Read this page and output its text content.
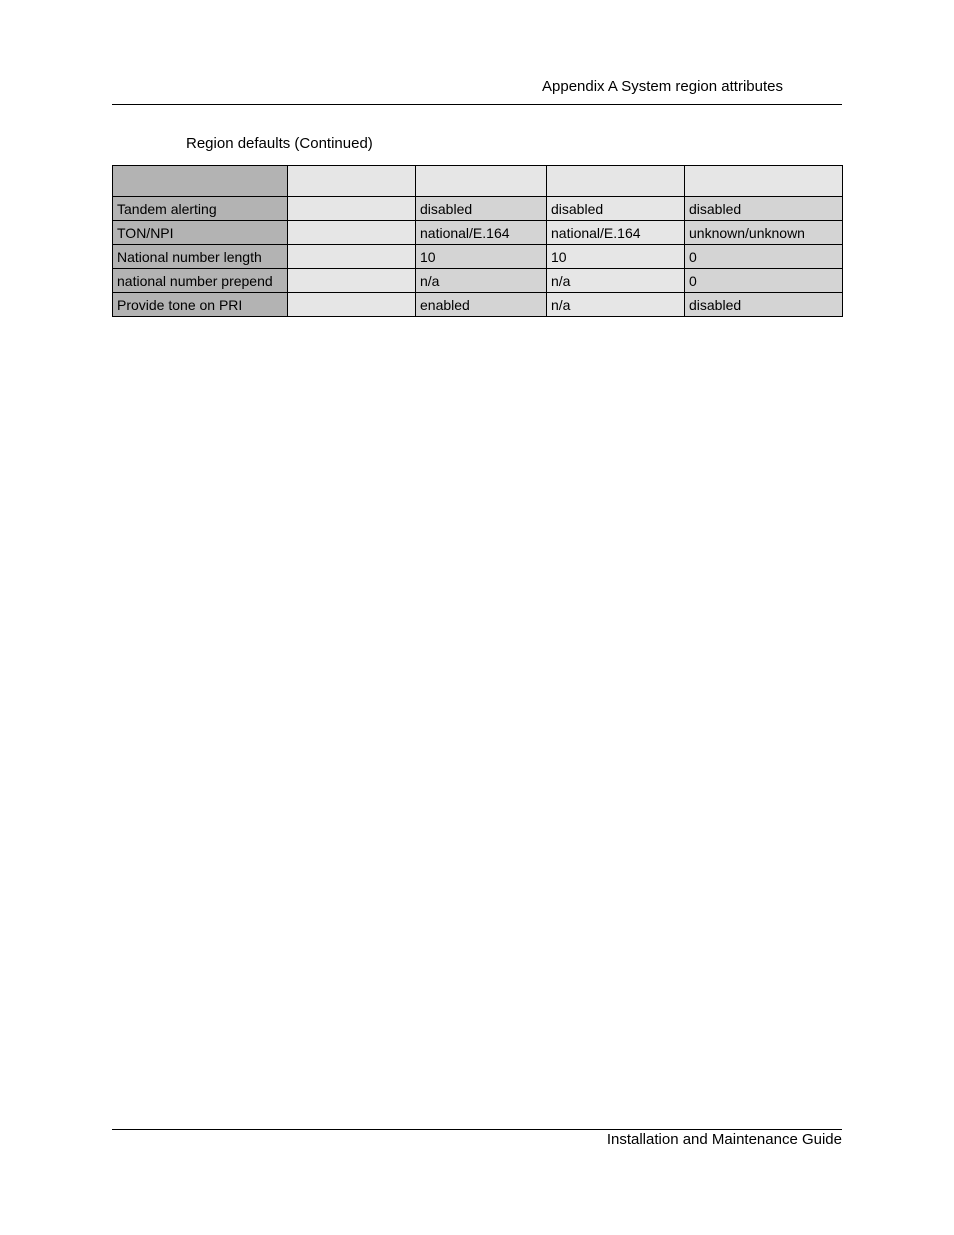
Appendix A System region attributes
Region defaults (Continued)

Tandem alerting		disabled	disabled	disabled
TON/NPI		national/E.164	national/E.164	unknown/unknown
National number length		10	10	0
national number prepend		n/a	n/a	0
Provide tone on PRI		enabled	n/a	disabled
Installation and Maintenance Guide
